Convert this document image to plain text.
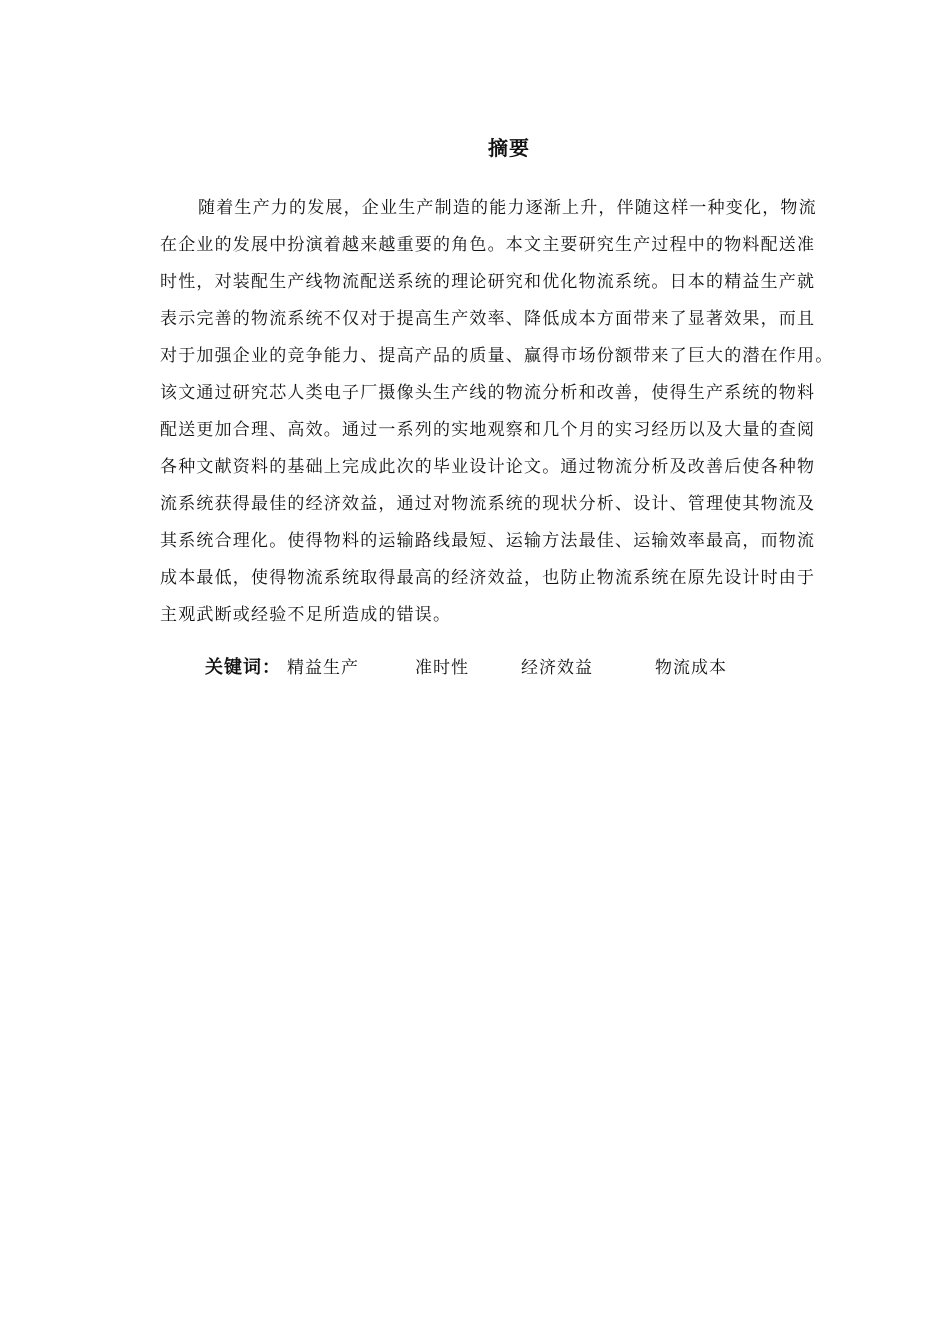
摘要
随着生产力的发展，企业生产制造的能力逐渐上升，伴随这样一种变化，物流
在企业的发展中扮演着越来越重要的角色。本文主要研究生产过程中的物料配送准
时性，对装配生产线物流配送系统的理论研究和优化物流系统。日本的精益生产就
表示完善的物流系统不仅对于提高生产效率、降低成本方面带来了显著效果，而且
对于加强企业的竞争能力、提高产品的质量、赢得市场份额带来了巨大的潜在作用。
该文通过研究芯人类电子厂摄像头生产线的物流分析和改善，使得生产系统的物料
配送更加合理、高效。通过一系列的实地观察和几个月的实习经历以及大量的查阅
各种文献资料的基础上完成此次的毕业设计论文。通过物流分析及改善后使各种物
流系统获得最佳的经济效益，通过对物流系统的现状分析、设计、管理使其物流及
其系统合理化。使得物料的运输路线最短、运输方法最佳、运输效率最高，而物流
成本最低，使得物流系统取得最高的经济效益，也防止物流系统在原先设计时由于
主观武断或经验不足所造成的错误。
关键词： 精益生产	准时性	经济效益	物流成本
